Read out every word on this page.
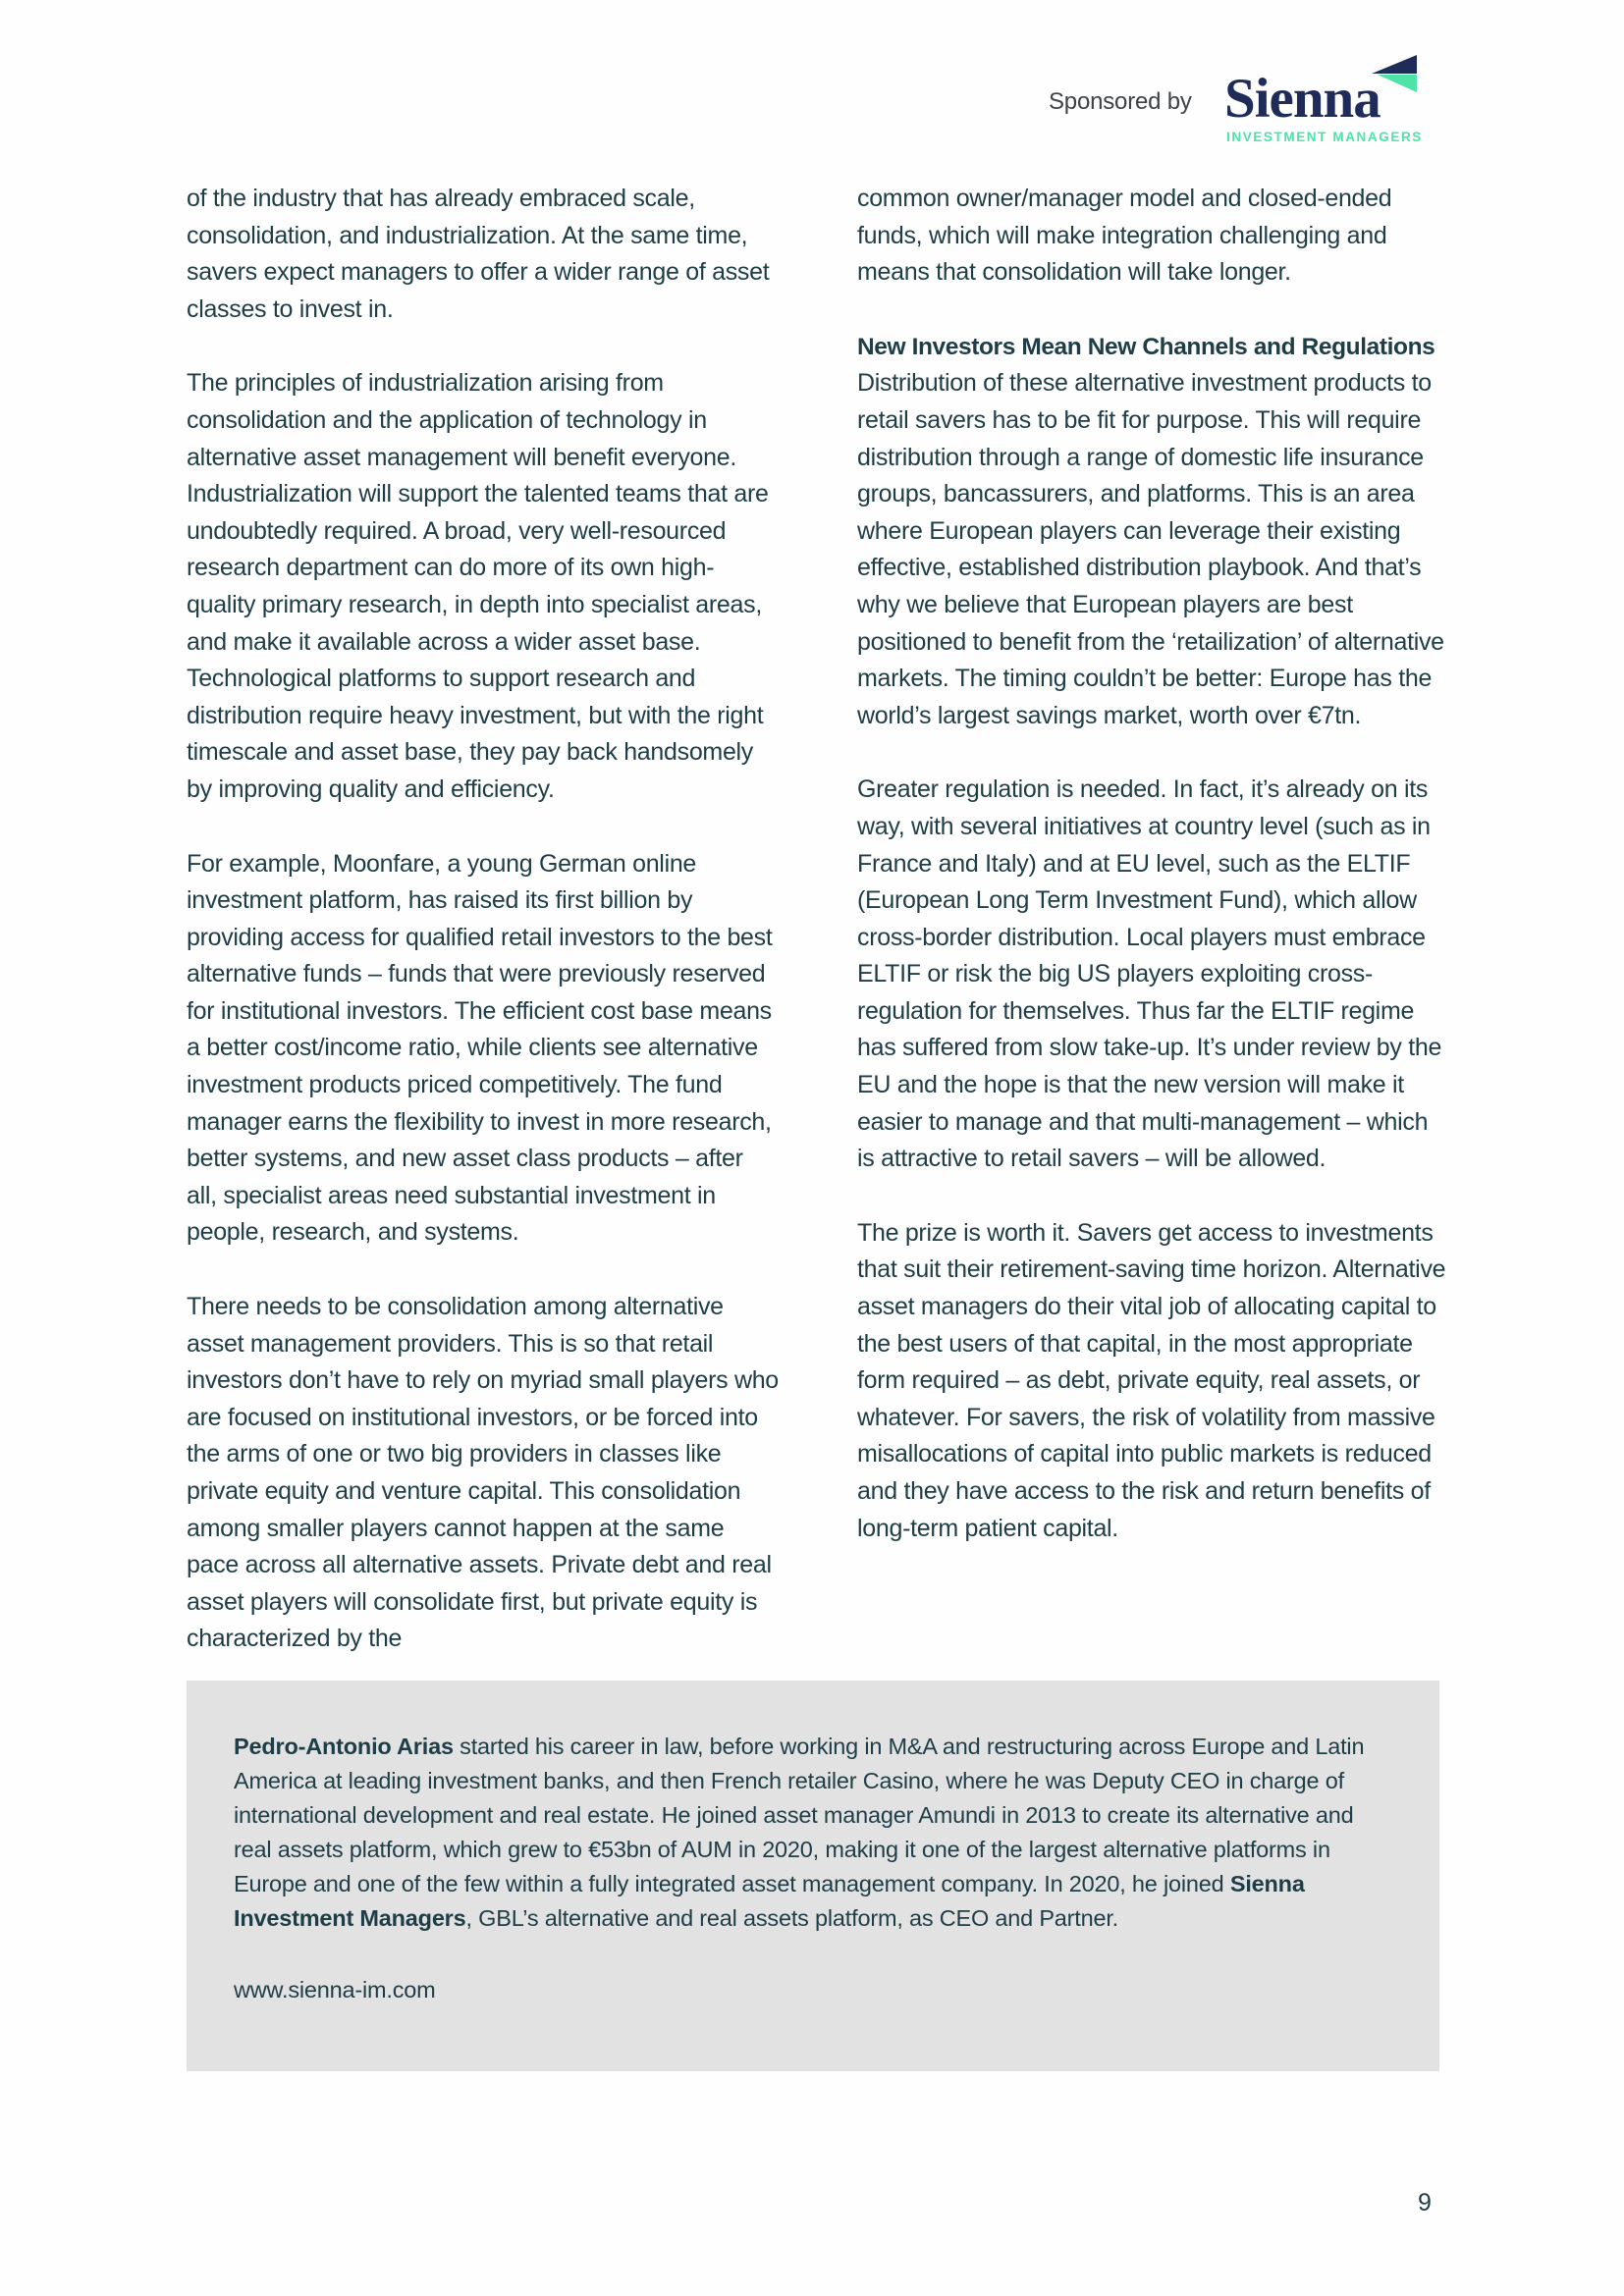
Sponsored by Sienna
INVESTMENT MANAGERS

of the industry that has already embraced scale, consolidation, and industrialization. At the same time, savers expect managers to offer a wider range of asset classes to invest in.

The principles of industrialization arising from consolidation and the application of technology in alternative asset management will benefit everyone. Industrialization will support the talented teams that are undoubtedly required. A broad, very well-resourced research department can do more of its own high-quality primary research, in depth into specialist areas, and make it available across a wider asset base. Technological platforms to support research and distribution require heavy investment, but with the right timescale and asset base, they pay back handsomely by improving quality and efficiency.

For example, Moonfare, a young German online investment platform, has raised its first billion by providing access for qualified retail investors to the best alternative funds – funds that were previously reserved for institutional investors. The efficient cost base means a better cost/income ratio, while clients see alternative investment products priced competitively. The fund manager earns the flexibility to invest in more research, better systems, and new asset class products – after all, specialist areas need substantial investment in people, research, and systems.

There needs to be consolidation among alternative asset management providers. This is so that retail investors don’t have to rely on myriad small players who are focused on institutional investors, or be forced into the arms of one or two big providers in classes like private equity and venture capital. This consolidation among smaller players cannot happen at the same pace across all alternative assets. Private debt and real asset players will consolidate first, but private equity is characterized by the

common owner/manager model and closed-ended funds, which will make integration challenging and means that consolidation will take longer.

New Investors Mean New Channels and Regulations

Distribution of these alternative investment products to retail savers has to be fit for purpose. This will require distribution through a range of domestic life insurance groups, bancassurers, and platforms. This is an area where European players can leverage their existing effective, established distribution playbook. And that’s why we believe that European players are best positioned to benefit from the ‘retailization’ of alternative markets. The timing couldn’t be better: Europe has the world’s largest savings market, worth over €7tn.

Greater regulation is needed. In fact, it’s already on its way, with several initiatives at country level (such as in France and Italy) and at EU level, such as the ELTIF (European Long Term Investment Fund), which allow cross-border distribution. Local players must embrace ELTIF or risk the big US players exploiting cross-regulation for themselves. Thus far the ELTIF regime has suffered from slow take-up. It’s under review by the EU and the hope is that the new version will make it easier to manage and that multi-management – which is attractive to retail savers – will be allowed.

The prize is worth it. Savers get access to investments that suit their retirement-saving time horizon. Alternative asset managers do their vital job of allocating capital to the best users of that capital, in the most appropriate form required – as debt, private equity, real assets, or whatever. For savers, the risk of volatility from massive misallocations of capital into public markets is reduced and they have access to the risk and return benefits of long-term patient capital.

Pedro-Antonio Arias started his career in law, before working in M&A and restructuring across Europe and Latin America at leading investment banks, and then French retailer Casino, where he was Deputy CEO in charge of international development and real estate. He joined asset manager Amundi in 2013 to create its alternative and real assets platform, which grew to €53bn of AUM in 2020, making it one of the largest alternative platforms in Europe and one of the few within a fully integrated asset management company. In 2020, he joined Sienna Investment Managers, GBL’s alternative and real assets platform, as CEO and Partner.

www.sienna-im.com

9
